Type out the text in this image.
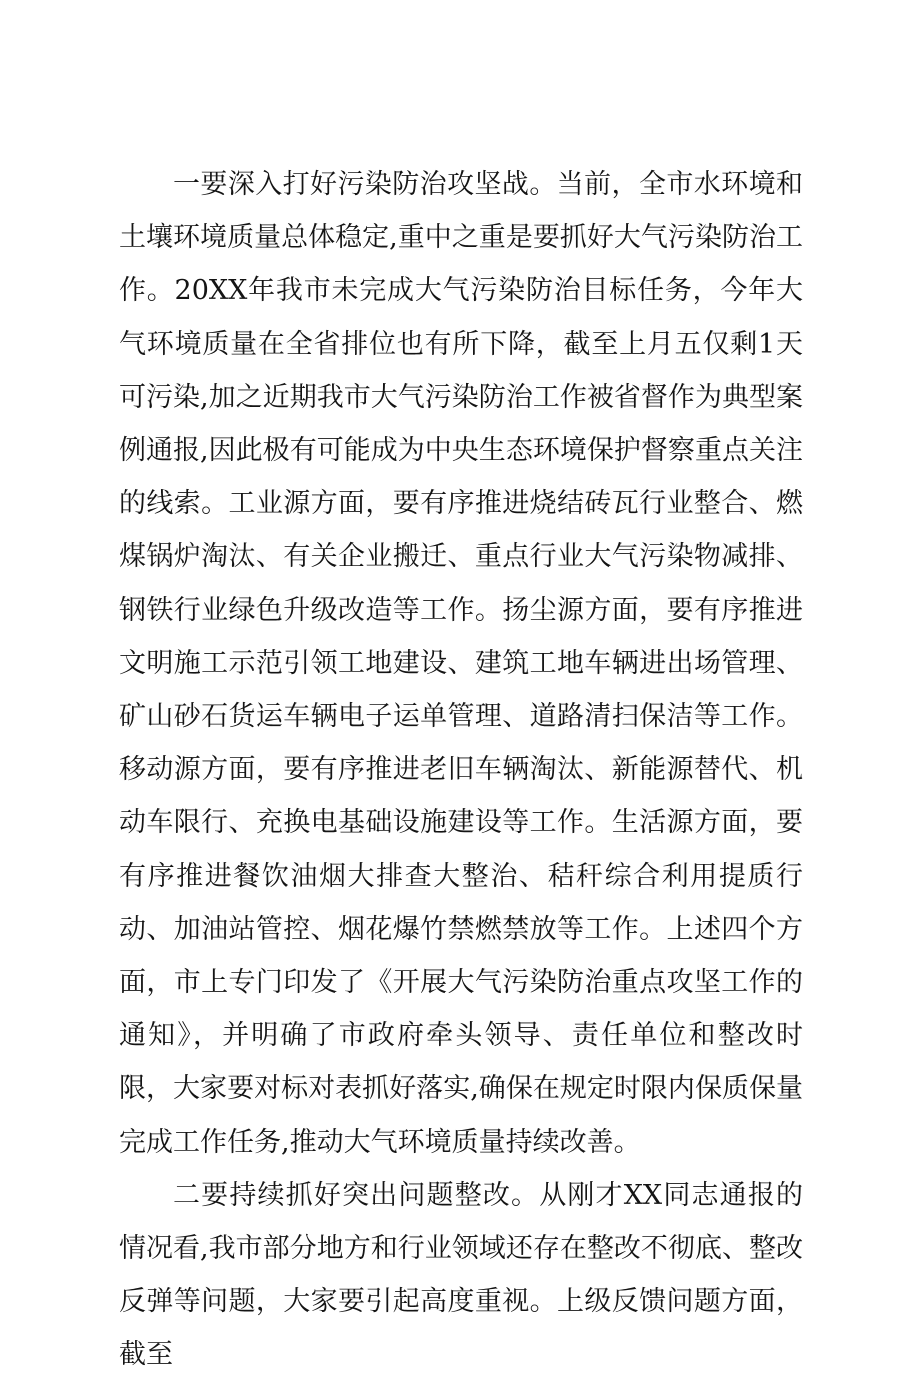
一要深入打好污染防治攻坚战。当前，全市水环境和土壤环境质量总体稳定,重中之重是要抓好大气污染防治工作。20XX年我市未完成大气污染防治目标任务，今年大气环境质量在全省排位也有所下降，截至上月五仅剩1天可污染,加之近期我市大气污染防治工作被省督作为典型案例通报,因此极有可能成为中央生态环境保护督察重点关注的线索。工业源方面，要有序推进烧结砖瓦行业整合、燃煤锅炉淘汰、有关企业搬迁、重点行业大气污染物减排、钢铁行业绿色升级改造等工作。扬尘源方面，要有序推进文明施工示范引领工地建设、建筑工地车辆进出场管理、矿山砂石货运车辆电子运单管理、道路清扫保洁等工作。移动源方面，要有序推进老旧车辆淘汰、新能源替代、机动车限行、充换电基础设施建设等工作。生活源方面，要有序推进餐饮油烟大排查大整治、秸秆综合利用提质行动、加油站管控、烟花爆竹禁燃禁放等工作。上述四个方面，市上专门印发了《开展大气污染防治重点攻坚工作的通知》，并明确了市政府牵头领导、责任单位和整改时限，大家要对标对表抓好落实,确保在规定时限内保质保量完成工作任务,推动大气环境质量持续改善。

二要持续抓好突出问题整改。从刚才XX同志通报的情况看,我市部分地方和行业领域还存在整改不彻底、整改反弹等问题，大家要引起高度重视。上级反馈问题方面，截至
